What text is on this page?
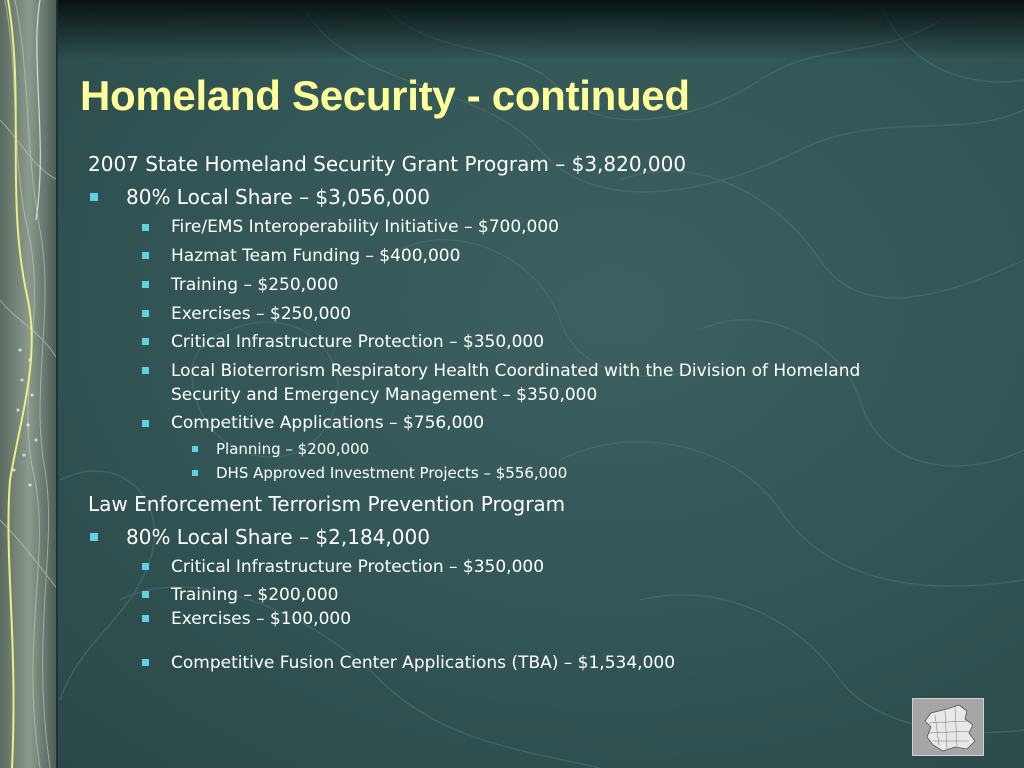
Homeland Security - continued
2007 State Homeland Security Grant Program – $3,820,000
80% Local Share – $3,056,000
Fire/EMS Interoperability Initiative – $700,000
Hazmat Team Funding – $400,000
Training – $250,000
Exercises – $250,000
Critical Infrastructure Protection – $350,000
Local Bioterrorism Respiratory Health Coordinated with the Division of Homeland Security and Emergency Management – $350,000
Competitive Applications – $756,000
Planning – $200,000
DHS Approved Investment Projects – $556,000
Law Enforcement Terrorism Prevention Program
80% Local Share – $2,184,000
Critical Infrastructure Protection – $350,000
Training – $200,000
Exercises – $100,000
Competitive Fusion Center Applications (TBA) – $1,534,000
